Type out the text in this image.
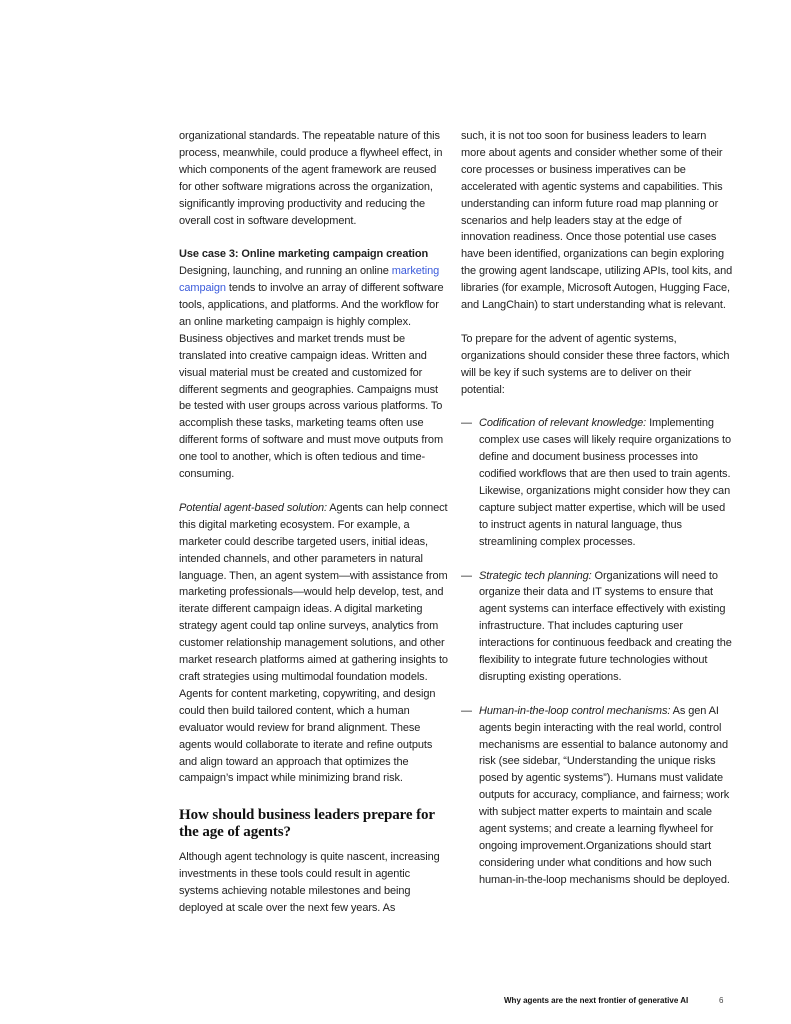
organizational standards. The repeatable nature of this process, meanwhile, could produce a flywheel effect, in which components of the agent framework are reused for other software migrations across the organization, significantly improving productivity and reducing the overall cost in software development.

Use case 3: Online marketing campaign creation

Designing, launching, and running an online marketing campaign tends to involve an array of different software tools, applications, and platforms. And the workflow for an online marketing campaign is highly complex. Business objectives and market trends must be translated into creative campaign ideas. Written and visual material must be created and customized for different segments and geographies. Campaigns must be tested with user groups across various platforms. To accomplish these tasks, marketing teams often use different forms of software and must move outputs from one tool to another, which is often tedious and time-consuming.

Potential agent-based solution: Agents can help connect this digital marketing ecosystem. For example, a marketer could describe targeted users, initial ideas, intended channels, and other parameters in natural language. Then, an agent system—with assistance from marketing professionals—would help develop, test, and iterate different campaign ideas. A digital marketing strategy agent could tap online surveys, analytics from customer relationship management solutions, and other market research platforms aimed at gathering insights to craft strategies using multimodal foundation models. Agents for content marketing, copywriting, and design could then build tailored content, which a human evaluator would review for brand alignment. These agents would collaborate to iterate and refine outputs and align toward an approach that optimizes the campaign’s impact while minimizing brand risk.

How should business leaders prepare for the age of agents?

Although agent technology is quite nascent, increasing investments in these tools could result in agentic systems achieving notable milestones and being deployed at scale over the next few years. As

such, it is not too soon for business leaders to learn more about agents and consider whether some of their core processes or business imperatives can be accelerated with agentic systems and capabilities. This understanding can inform future road map planning or scenarios and help leaders stay at the edge of innovation readiness. Once those potential use cases have been identified, organizations can begin exploring the growing agent landscape, utilizing APIs, tool kits, and libraries (for example, Microsoft Autogen, Hugging Face, and LangChain) to start understanding what is relevant.

To prepare for the advent of agentic systems, organizations should consider these three factors, which will be key if such systems are to deliver on their potential:

— Codification of relevant knowledge: Implementing complex use cases will likely require organizations to define and document business processes into codified workflows that are then used to train agents. Likewise, organizations might consider how they can capture subject matter expertise, which will be used to instruct agents in natural language, thus streamlining complex processes.
— Strategic tech planning: Organizations will need to organize their data and IT systems to ensure that agent systems can interface effectively with existing infrastructure. That includes capturing user interactions for continuous feedback and creating the flexibility to integrate future technologies without disrupting existing operations.
— Human-in-the-loop control mechanisms: As gen AI agents begin interacting with the real world, control mechanisms are essential to balance autonomy and risk (see sidebar, “Understanding the unique risks posed by agentic systems”). Humans must validate outputs for accuracy, compliance, and fairness; work with subject matter experts to maintain and scale agent systems; and create a learning flywheel for ongoing improvement.Organizations should start considering under what conditions and how such human-in-the-loop mechanisms should be deployed.
Why agents are the next frontier of generative AI	6
